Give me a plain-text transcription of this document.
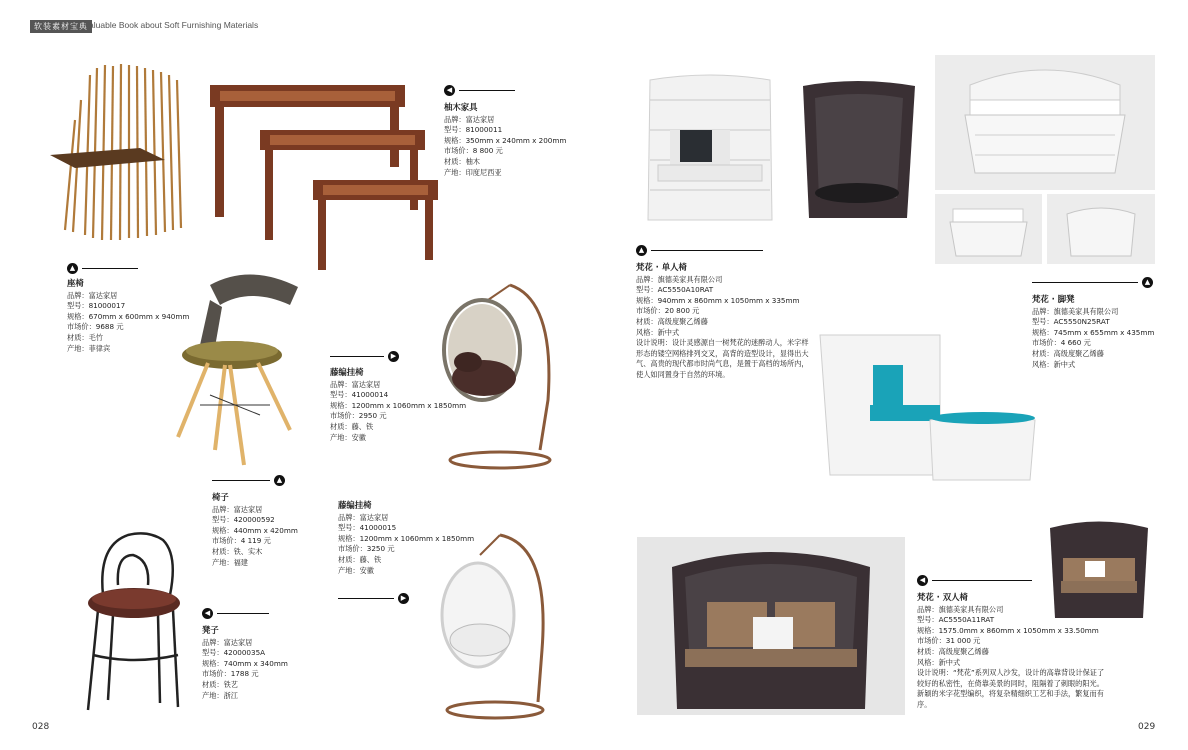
软装素材宝典
Valuable Book about Soft Furnishing Materials
▲
座椅
品牌：富达家居
型号：81000017
规格：670mm x 600mm x 940mm
市场价：9688 元
材质：毛竹
产地：菲律宾
◀
柚木家具
品牌：富达家居
型号：81000011
规格：350mm x 240mm x 200mm
市场价：8 800 元
材质：柚木
产地：印度尼西亚
▶
藤编挂椅
品牌：富达家居
型号：41000014
规格：1200mm x 1060mm x 1850mm
市场价：2950 元
材质：藤、铁
产地：安徽
▲
椅子
品牌：富达家居
型号：420000592
规格：440mm x 420mm
市场价：4 119 元
材质：铁、实木
产地：福建
藤编挂椅
品牌：富达家居
型号：41000015
规格：1200mm x 1060mm x 1850mm
市场价：3250 元
材质：藤、铁
产地：安徽
▶
◀
凳子
品牌：富达家居
型号：42000035A
规格：740mm x 340mm
市场价：1788 元
材质：铁艺
产地：浙江
▲
梵花 · 单人椅
品牌：旗德美家具有限公司
型号：AC5550A10RAT
规格：940mm x 860mm x 1050mm x 335mm
市场价：20 800 元
材质：高级度聚乙烯藤
风格：新中式
设计说明：设计灵感源自一树梵花的迷醉动人，米字样形态的镂空网格排列交叉，高背的造型设计，显得出大气、高贵的现代都市时尚气息，是置于高档的场所内，使人如同置身于自然的环境。
▲
梵花 · 脚凳
品牌：旗德美家具有限公司
型号：AC5550N25RAT
规格：745mm x 655mm x 435mm
市场价：4 660 元
材质：高级度聚乙烯藤
风格：新中式
◀
梵花 · 双人椅
品牌：旗德美家具有限公司
型号：AC5550A11RAT
规格：1575.0mm x 860mm x 1050mm x 33.50mm
市场价：31 000 元
材质：高级度聚乙烯藤
风格：新中式
设计说明：“梵花”系列双人沙发，设计的高靠背设计保证了较好的私密性，在倚靠美景的同时，阻隔着了刺眼的阳光。新颖的米字花型编织，将复杂精细织工艺和手法，繁复而有序。
028	029
